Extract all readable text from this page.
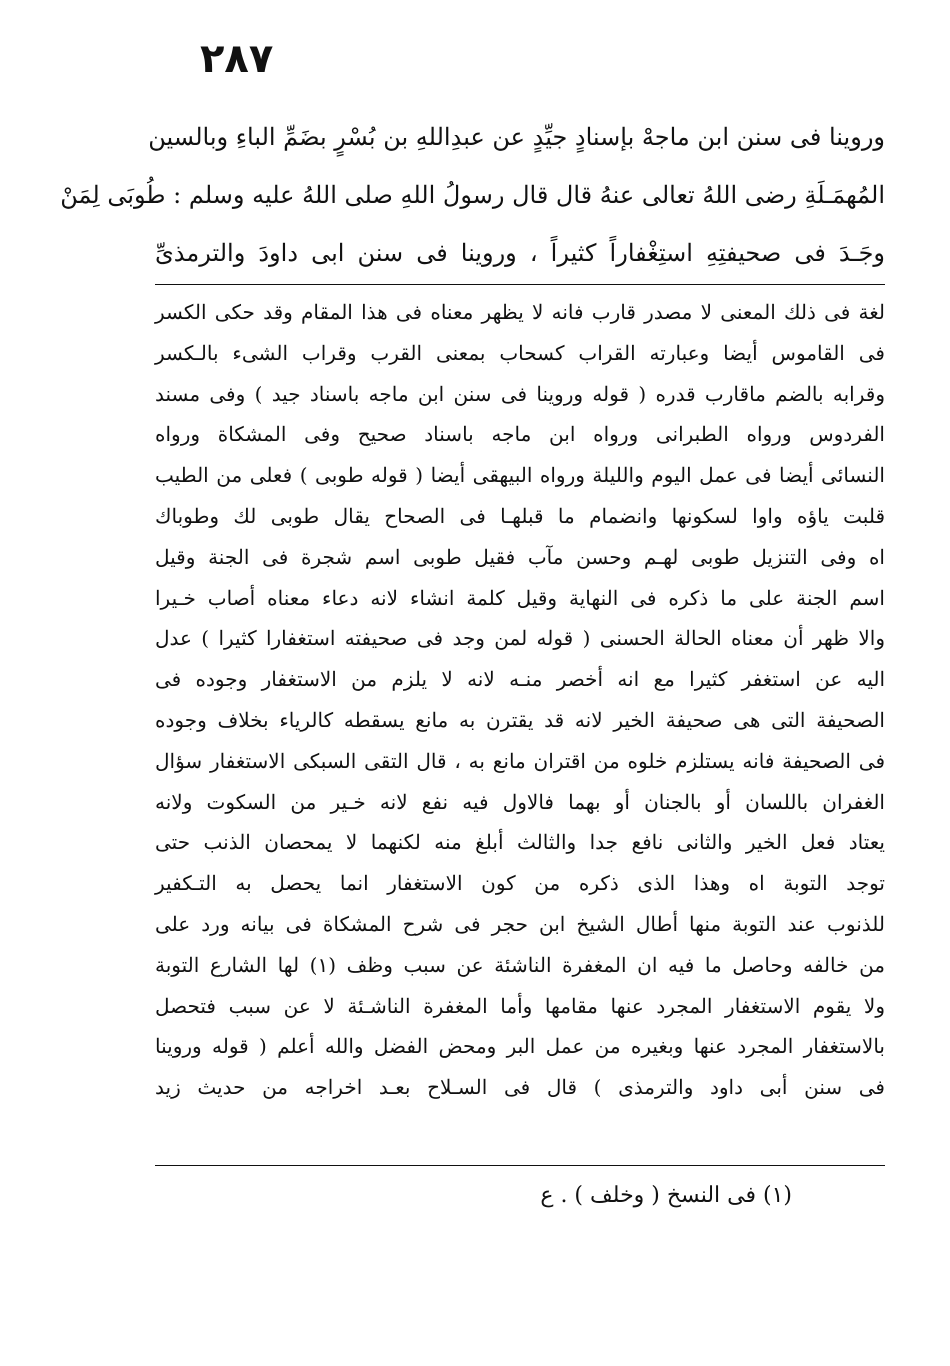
٢٨٧
وروينا فى سنن ابن ماجهْ بإسنادٍ جيِّدٍ عن عبدِاللهِ بن بُسْرٍ بضَمِّ الباءِ وبالسين
المُهمَـلَةِ رضى اللهُ تعالى عنهُ قال قال رسولُ اللهِ صلى اللهُ عليه وسلم : طُوبَى لِمَنْ
وجَـدَ فى صحيفتِهِ استِغْفاراً كثيراً ، وروينا فى سنن ابى داودَ والترمذىِّ
لغة فى ذلك المعنى لا مصدر قارب فانه لا يظهر معناه فى هذا المقام وقد حكى الكسر
فى القاموس أيضا وعبارته القراب كسحاب بمعنى القرب وقراب الشىء بالـكسر
وقرابه بالضم ماقارب قدره ( قوله وروينا فى سنن ابن ماجه باسناد جيد ) وفى مسند
الفردوس ورواه الطبرانى ورواه ابن ماجه باسناد صحيح وفى المشكاة ورواه
النسائى أيضا فى عمل اليوم والليلة ورواه البيهقى أيضا ( قوله طوبى ) فعلى من الطيب
قلبت ياؤه واوا لسكونها وانضمام ما قبلهـا فى الصحاح يقال طوبى لك وطوباك
اه وفى التنزيل طوبى لهـم وحسن مآب فقيل طوبى اسم شجرة فى الجنة وقيل
اسم الجنة على ما ذكره فى النهاية وقيل كلمة انشاء لانه دعاء معناه أصاب خـيرا
والا ظهر أن معناه الحالة الحسنى ( قوله لمن وجد فى صحيفته استغفارا كثيرا ) عدل
اليه عن استغفر كثيرا مع انه أخصر منـه لانه لا يلزم من الاستغفار وجوده فى
الصحيفة التى هى صحيفة الخير لانه قد يقترن به مانع يسقطه كالرياء بخلاف وجوده
فى الصحيفة فانه يستلزم خلوه من اقتران مانع به ، قال التقى السبكى الاستغفار سؤال
الغفران باللسان أو بالجنان أو بهما فالاول فيه نفع لانه خـير من السكوت ولانه
يعتاد فعل الخير والثانى نافع جدا والثالث أبلغ منه لكنهما لا يمحصان الذنب حتى
توجد التوبة اه وهذا الذى ذكره من كون الاستغفار انما يحصل به التـكفير
للذنوب عند التوبة منها أطال الشيخ ابن حجر فى شرح المشكاة فى بيانه ورد على
من خالفه وحاصل ما فيه ان المغفرة الناشئة عن سبب وظف (١) لها الشارع التوبة
ولا يقوم الاستغفار المجرد عنها مقامها وأما المغفرة الناشـئة لا عن سبب فتحصل
بالاستغفار المجرد عنها وبغيره من عمل البر ومحض الفضل والله أعلم ( قوله وروينا
فى سنن أبى داود والترمذى ) قال فى السـلاح بعـد اخراجه من حديث زيد
(١) فى النسخ ( وخلف ) . ع
